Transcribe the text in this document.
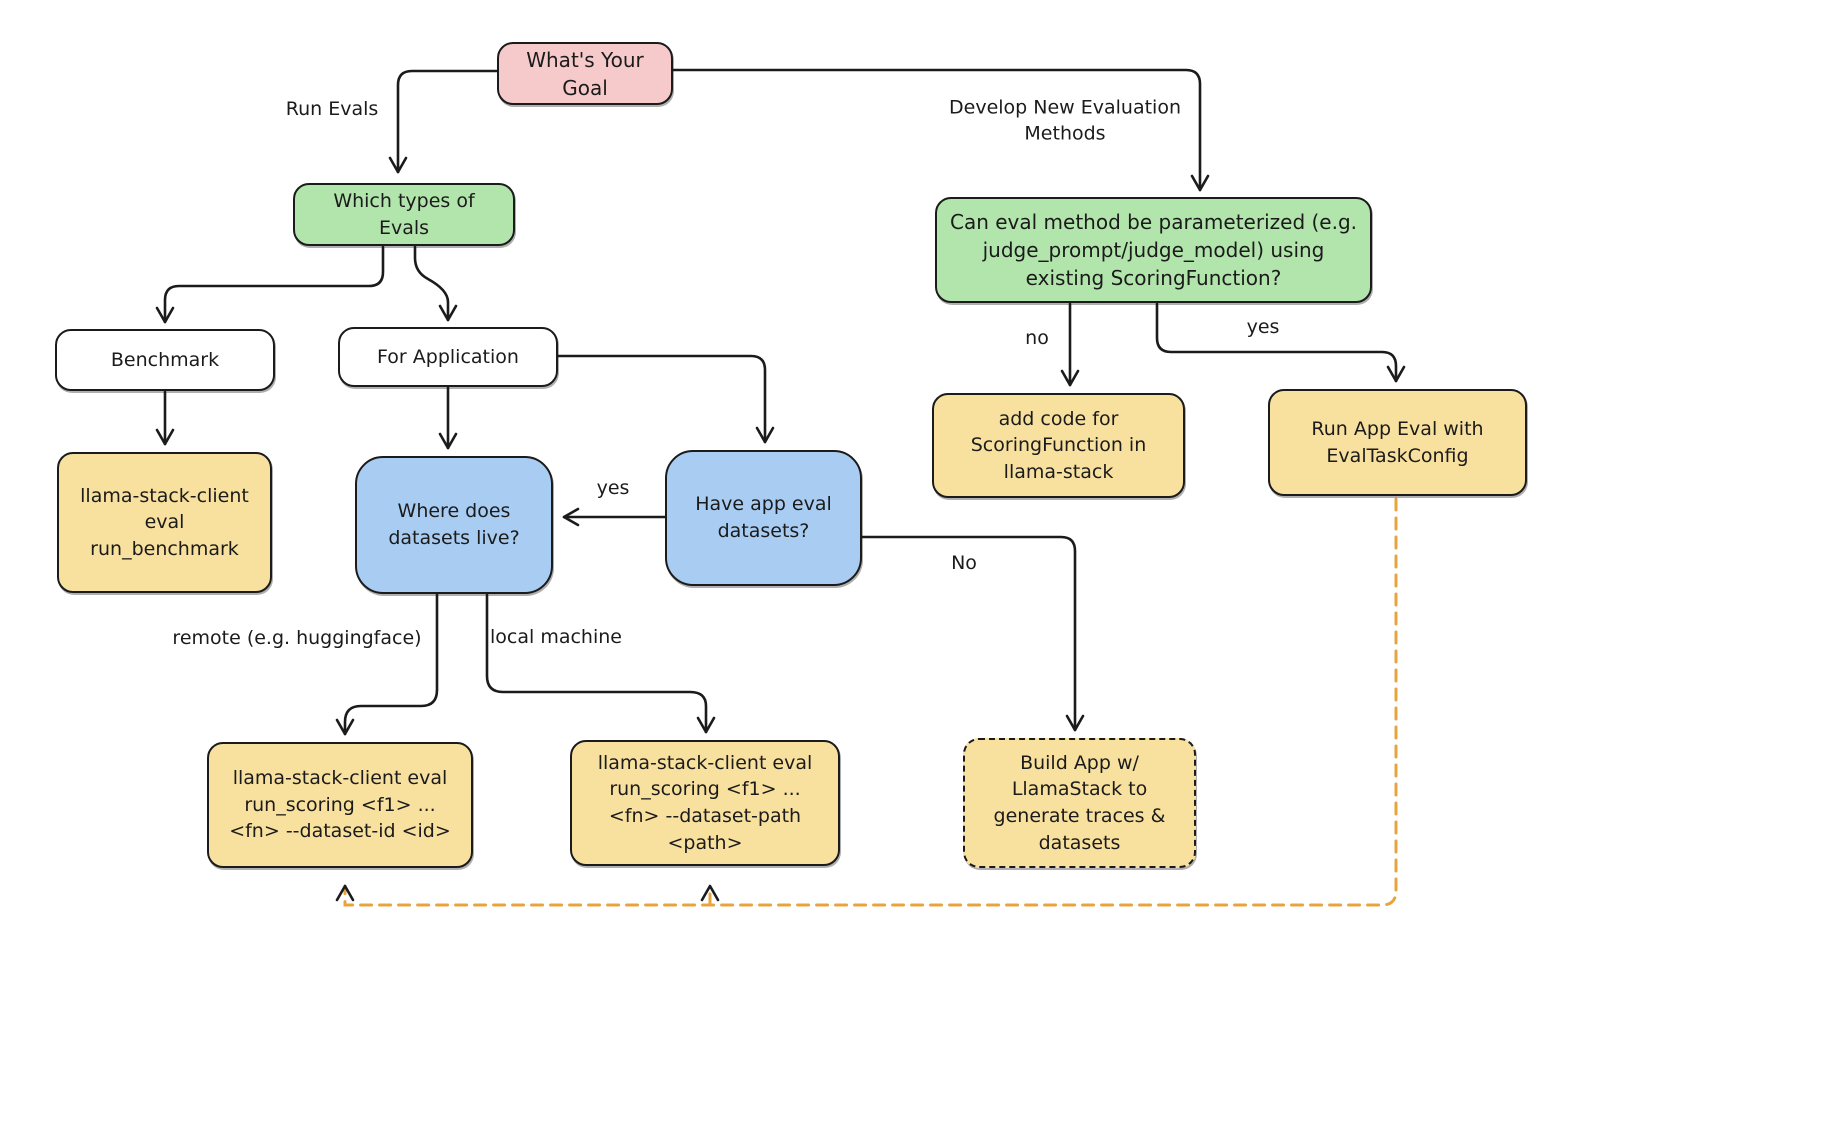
What's Your Goal
Which types of Evals	Can eval method be parameterized (e.g. judge_prompt/judge_model) using existing ScoringFunction?
Benchmark	For Application
llama-stack-client eval run_benchmark
Where does datasets live?
Have app eval datasets?
add code for ScoringFunction in llama-stack
Run App Eval with EvalTaskConfig
llama-stack-client eval run_scoring <f1> ... <fn> --dataset-id <id>
llama-stack-client eval run_scoring <f1> ... <fn> --dataset-path <path>
Build App w/ LlamaStack to generate traces & datasets
Run Evals	Develop New Evaluation Methods
no	yes
yes
No
remote (e.g. huggingface)	local machine
